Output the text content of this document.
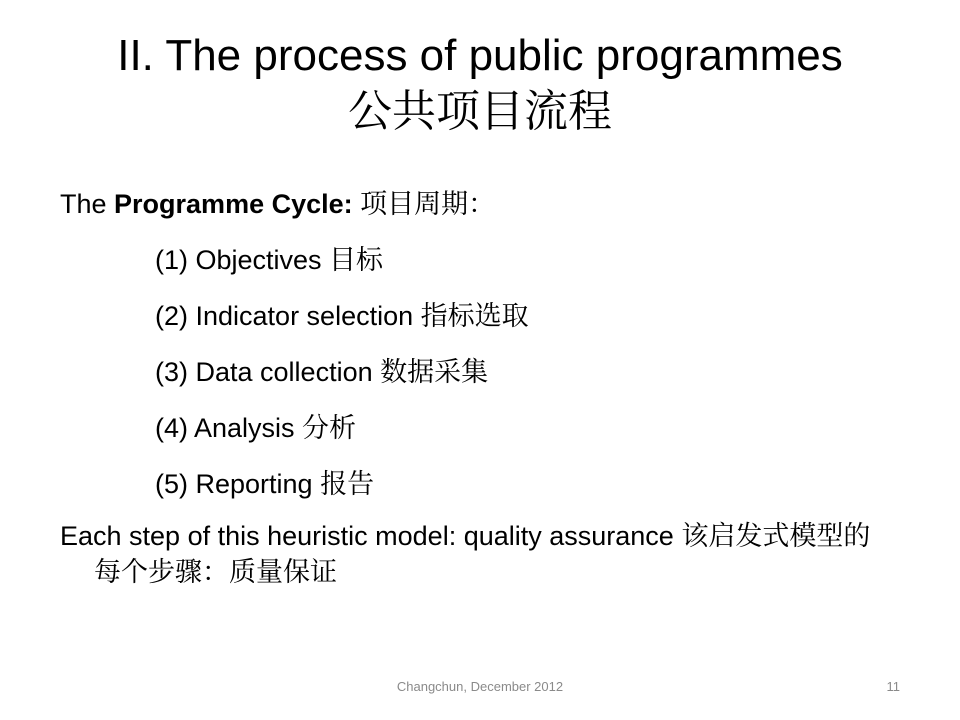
II. The process of public programmes
公共项目流程
The Programme Cycle: 项目周期：
(1) Objectives 目标
(2) Indicator selection 指标选取
(3) Data collection 数据采集
(4) Analysis 分析
(5) Reporting 报告
Each step of this heuristic model: quality assurance 该启发式模型的每个步骤：质量保证
Changchun, December 2012	11
